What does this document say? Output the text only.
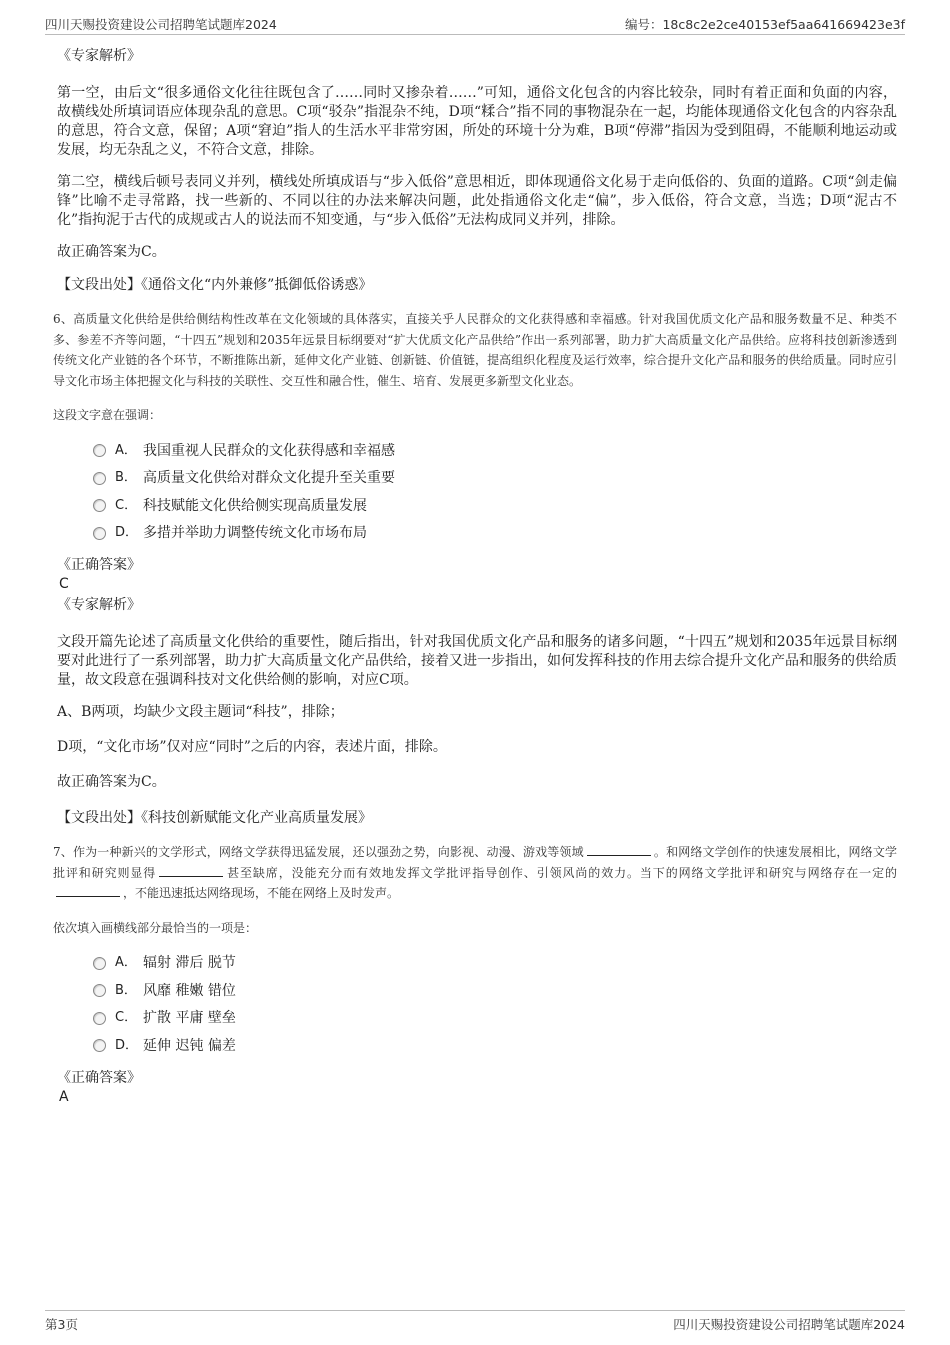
四川天赐投资建设公司招聘笔试题库2024	编号：18c8c2e2ce40153ef5aa641669423e3f
《专家解析》

第一空，由后文“很多通俗文化往往既包含了……同时又掺杂着……”可知，通俗文化包含的内容比较杂，同时有着正面和负面的内容，故横线处所填词语应体现杂乱的意思。C项“驳杂”指混杂不纯，D项“糅合”指不同的事物混杂在一起，均能体现通俗文化包含的内容杂乱的意思，符合文意，保留；A项“窘迫”指人的生活水平非常穷困，所处的环境十分为难，B项“停滞”指因为受到阻碍，不能顺利地运动或发展，均无杂乱之义，不符合文意，排除。

第二空，横线后顿号表同义并列，横线处所填成语与“步入低俗”意思相近，即体现通俗文化易于走向低俗的、负面的道路。C项“剑走偏锋”比喻不走寻常路，找一些新的、不同以往的办法来解决问题，此处指通俗文化走“偏”，步入低俗，符合文意，当选；D项“泥古不化”指拘泥于古代的成规或古人的说法而不知变通，与“步入低俗”无法构成同义并列，排除。

故正确答案为C。

【文段出处】《通俗文化“内外兼修”抵御低俗诱惑》

6、高质量文化供给是供给侧结构性改革在文化领域的具体落实，直接关乎人民群众的文化获得感和幸福感。针对我国优质文化产品和服务数量不足、种类不多、参差不齐等问题，“十四五”规划和2035年远景目标纲要对“扩大优质文化产品供给”作出一系列部署，助力扩大高质量文化产品供给。应将科技创新渗透到传统文化产业链的各个环节，不断推陈出新，延伸文化产业链、创新链、价值链，提高组织化程度及运行效率，综合提升文化产品和服务的供给质量。同时应引导文化市场主体把握文化与科技的关联性、交互性和融合性，催生、培育、发展更多新型文化业态。

这段文字意在强调：
A． 我国重视人民群众的文化获得感和幸福感
B． 高质量文化供给对群众文化提升至关重要
C． 科技赋能文化供给侧实现高质量发展
D． 多措并举助力调整传统文化市场布局
《正确答案》
C
《专家解析》

文段开篇先论述了高质量文化供给的重要性，随后指出，针对我国优质文化产品和服务的诸多问题，“十四五”规划和2035年远景目标纲要对此进行了一系列部署，助力扩大高质量文化产品供给，接着又进一步指出，如何发挥科技的作用去综合提升文化产品和服务的供给质量，故文段意在强调科技对文化供给侧的影响，对应C项。

A、B两项，均缺少文段主题词“科技”，排除；

D项，“文化市场”仅对应“同时”之后的内容，表述片面，排除。

故正确答案为C。

【文段出处】《科技创新赋能文化产业高质量发展》

7、作为一种新兴的文学形式，网络文学获得迅猛发展，还以强劲之势，向影视、动漫、游戏等领域	。和网络文学创作的快速发展相比，网络文学批评和研究则显得	甚至缺席，没能充分而有效地发挥文学批评指导创作、引领风尚的效力。当下的网络文学批评和研究与网络存在一定的，不能迅速抵达网络现场，不能在网络上及时发声。

依次填入画横线部分最恰当的一项是：
A． 辐射 滞后 脱节
B． 风靡 稚嫩 错位
C． 扩散 平庸 壁垒
D． 延伸 迟钝 偏差
《正确答案》
A
第3页	四川天赐投资建设公司招聘笔试题库2024
